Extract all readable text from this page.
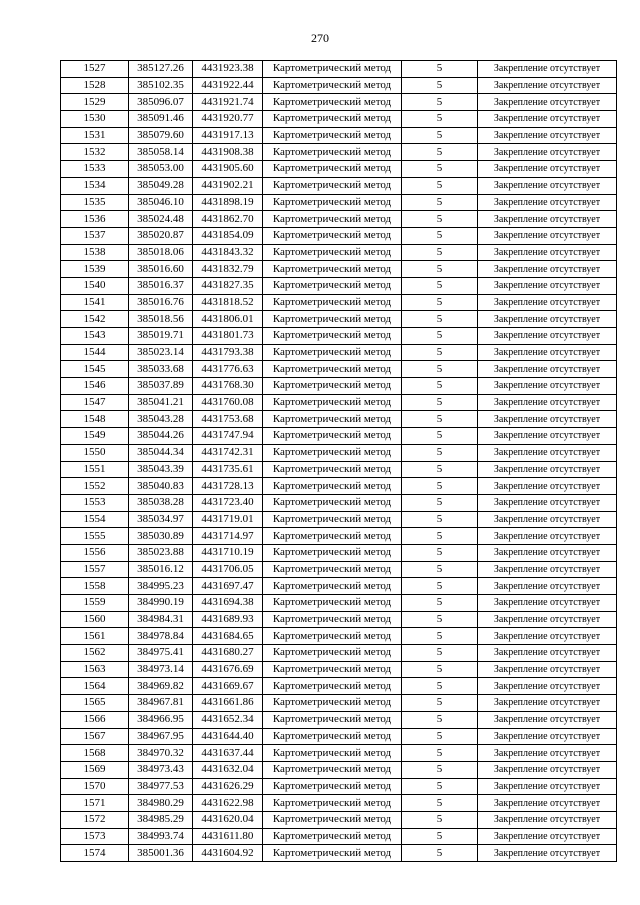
270
1527	385127.26	4431923.38	Картометрический метод	5	Закрепление отсутствует
1528	385102.35	4431922.44	Картометрический метод	5	Закрепление отсутствует
1529	385096.07	4431921.74	Картометрический метод	5	Закрепление отсутствует
1530	385091.46	4431920.77	Картометрический метод	5	Закрепление отсутствует
1531	385079.60	4431917.13	Картометрический метод	5	Закрепление отсутствует
1532	385058.14	4431908.38	Картометрический метод	5	Закрепление отсутствует
1533	385053.00	4431905.60	Картометрический метод	5	Закрепление отсутствует
1534	385049.28	4431902.21	Картометрический метод	5	Закрепление отсутствует
1535	385046.10	4431898.19	Картометрический метод	5	Закрепление отсутствует
1536	385024.48	4431862.70	Картометрический метод	5	Закрепление отсутствует
1537	385020.87	4431854.09	Картометрический метод	5	Закрепление отсутствует
1538	385018.06	4431843.32	Картометрический метод	5	Закрепление отсутствует
1539	385016.60	4431832.79	Картометрический метод	5	Закрепление отсутствует
1540	385016.37	4431827.35	Картометрический метод	5	Закрепление отсутствует
1541	385016.76	4431818.52	Картометрический метод	5	Закрепление отсутствует
1542	385018.56	4431806.01	Картометрический метод	5	Закрепление отсутствует
1543	385019.71	4431801.73	Картометрический метод	5	Закрепление отсутствует
1544	385023.14	4431793.38	Картометрический метод	5	Закрепление отсутствует
1545	385033.68	4431776.63	Картометрический метод	5	Закрепление отсутствует
1546	385037.89	4431768.30	Картометрический метод	5	Закрепление отсутствует
1547	385041.21	4431760.08	Картометрический метод	5	Закрепление отсутствует
1548	385043.28	4431753.68	Картометрический метод	5	Закрепление отсутствует
1549	385044.26	4431747.94	Картометрический метод	5	Закрепление отсутствует
1550	385044.34	4431742.31	Картометрический метод	5	Закрепление отсутствует
1551	385043.39	4431735.61	Картометрический метод	5	Закрепление отсутствует
1552	385040.83	4431728.13	Картометрический метод	5	Закрепление отсутствует
1553	385038.28	4431723.40	Картометрический метод	5	Закрепление отсутствует
1554	385034.97	4431719.01	Картометрический метод	5	Закрепление отсутствует
1555	385030.89	4431714.97	Картометрический метод	5	Закрепление отсутствует
1556	385023.88	4431710.19	Картометрический метод	5	Закрепление отсутствует
1557	385016.12	4431706.05	Картометрический метод	5	Закрепление отсутствует
1558	384995.23	4431697.47	Картометрический метод	5	Закрепление отсутствует
1559	384990.19	4431694.38	Картометрический метод	5	Закрепление отсутствует
1560	384984.31	4431689.93	Картометрический метод	5	Закрепление отсутствует
1561	384978.84	4431684.65	Картометрический метод	5	Закрепление отсутствует
1562	384975.41	4431680.27	Картометрический метод	5	Закрепление отсутствует
1563	384973.14	4431676.69	Картометрический метод	5	Закрепление отсутствует
1564	384969.82	4431669.67	Картометрический метод	5	Закрепление отсутствует
1565	384967.81	4431661.86	Картометрический метод	5	Закрепление отсутствует
1566	384966.95	4431652.34	Картометрический метод	5	Закрепление отсутствует
1567	384967.95	4431644.40	Картометрический метод	5	Закрепление отсутствует
1568	384970.32	4431637.44	Картометрический метод	5	Закрепление отсутствует
1569	384973.43	4431632.04	Картометрический метод	5	Закрепление отсутствует
1570	384977.53	4431626.29	Картометрический метод	5	Закрепление отсутствует
1571	384980.29	4431622.98	Картометрический метод	5	Закрепление отсутствует
1572	384985.29	4431620.04	Картометрический метод	5	Закрепление отсутствует
1573	384993.74	4431611.80	Картометрический метод	5	Закрепление отсутствует
1574	385001.36	4431604.92	Картометрический метод	5	Закрепление отсутствует
